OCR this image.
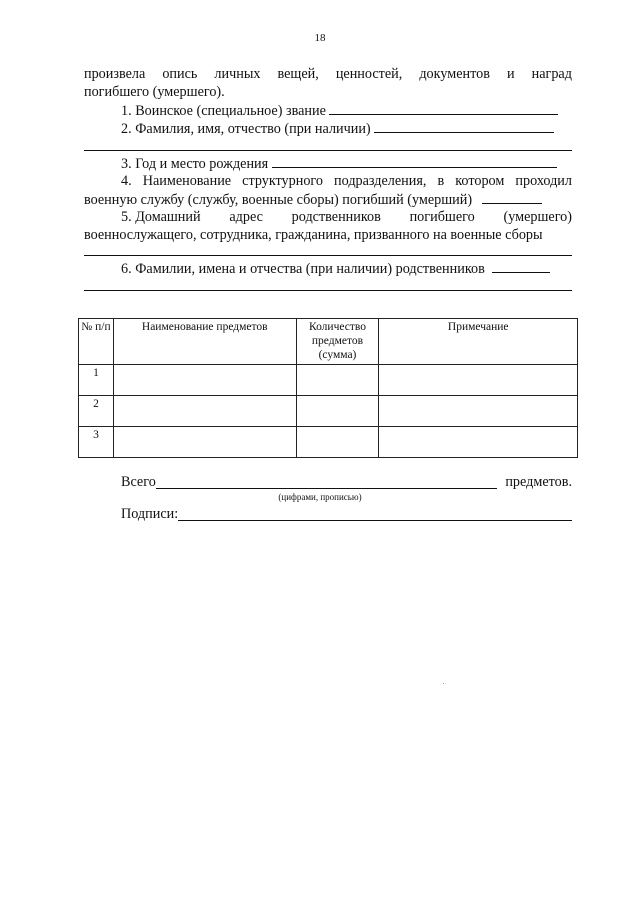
18
произвела опись личных вещей, ценностей, документов и наград
погибшего (умершего).
1. Воинское (специальное) звание
2. Фамилия, имя, отчество (при наличии)
3. Год и место рождения
4. Наименование структурного подразделения, в котором проходил
военную службу (службу, военные сборы) погибший (умерший)
5. Домашний адрес родственников погибшего (умершего)
военнослужащего, сотрудника, гражданина, призванного на военные сборы
6. Фамилии, имена и отчества (при наличии) родственников
№ п/п	Наименование предметов	Количество предметов (сумма)	Примечание
1			
2			
3			
Всего	предметов.
(цифрами, прописью)
Подписи:
